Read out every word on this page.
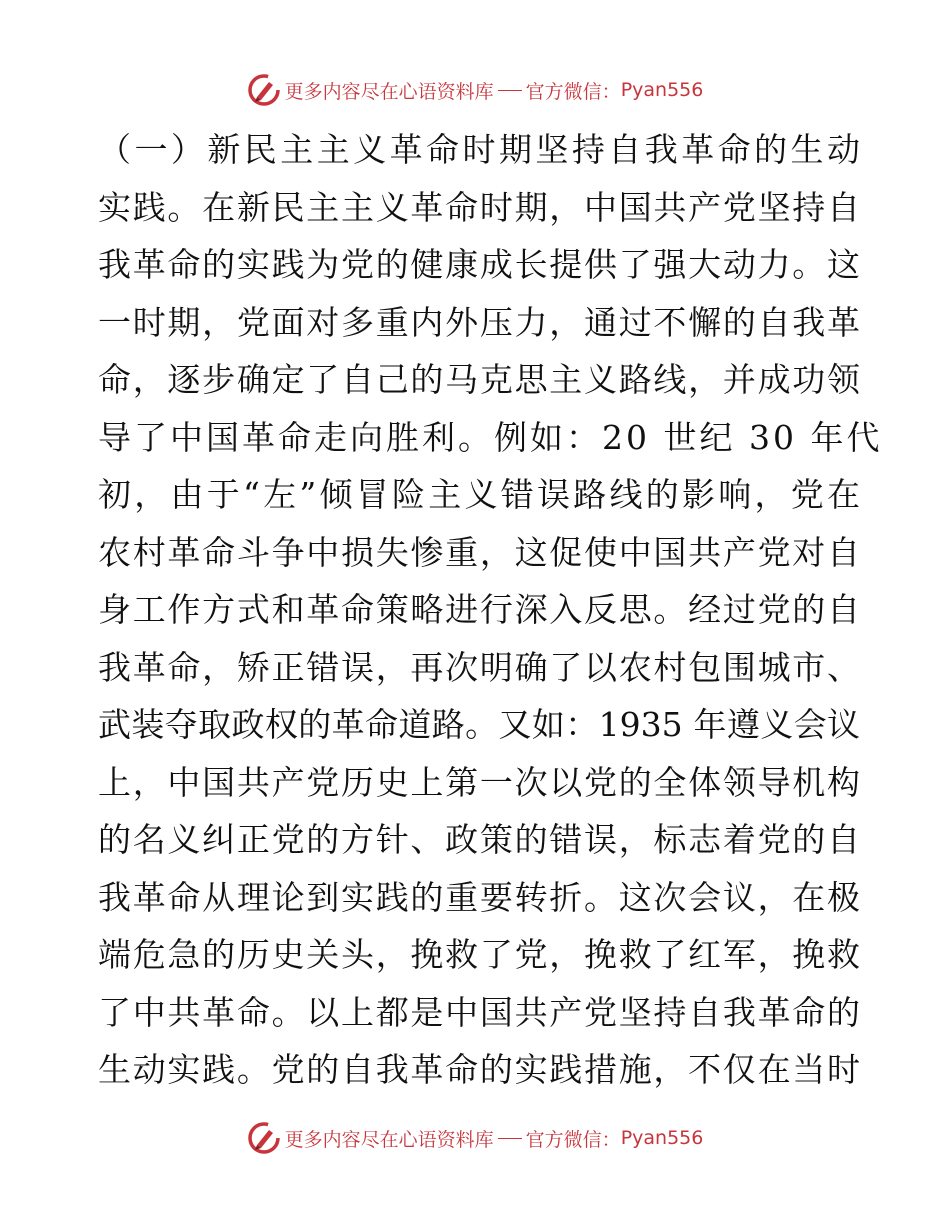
更多内容尽在心语资料库 官方微信： Pyan556
（一）新民主主义革命时期坚持自我革命的生动
实践。在新民主主义革命时期，中国共产党坚持自
我革命的实践为党的健康成长提供了强大动力。这
一时期，党面对多重内外压力，通过不懈的自我革
命，逐步确定了自己的马克思主义路线，并成功领
导了中国革命走向胜利。例如：20 世纪 30 年代
初，由于“左”倾冒险主义错误路线的影响，党在
农村革命斗争中损失惨重，这促使中国共产党对自
身工作方式和革命策略进行深入反思。经过党的自
我革命，矫正错误，再次明确了以农村包围城市、
武装夺取政权的革命道路。又如：1935 年遵义会议
上，中国共产党历史上第一次以党的全体领导机构
的名义纠正党的方针、政策的错误，标志着党的自
我革命从理论到实践的重要转折。这次会议，在极
端危急的历史关头，挽救了党，挽救了红军，挽救
了中共革命。以上都是中国共产党坚持自我革命的
生动实践。党的自我革命的实践措施，不仅在当时
更多内容尽在心语资料库 官方微信： Pyan556
